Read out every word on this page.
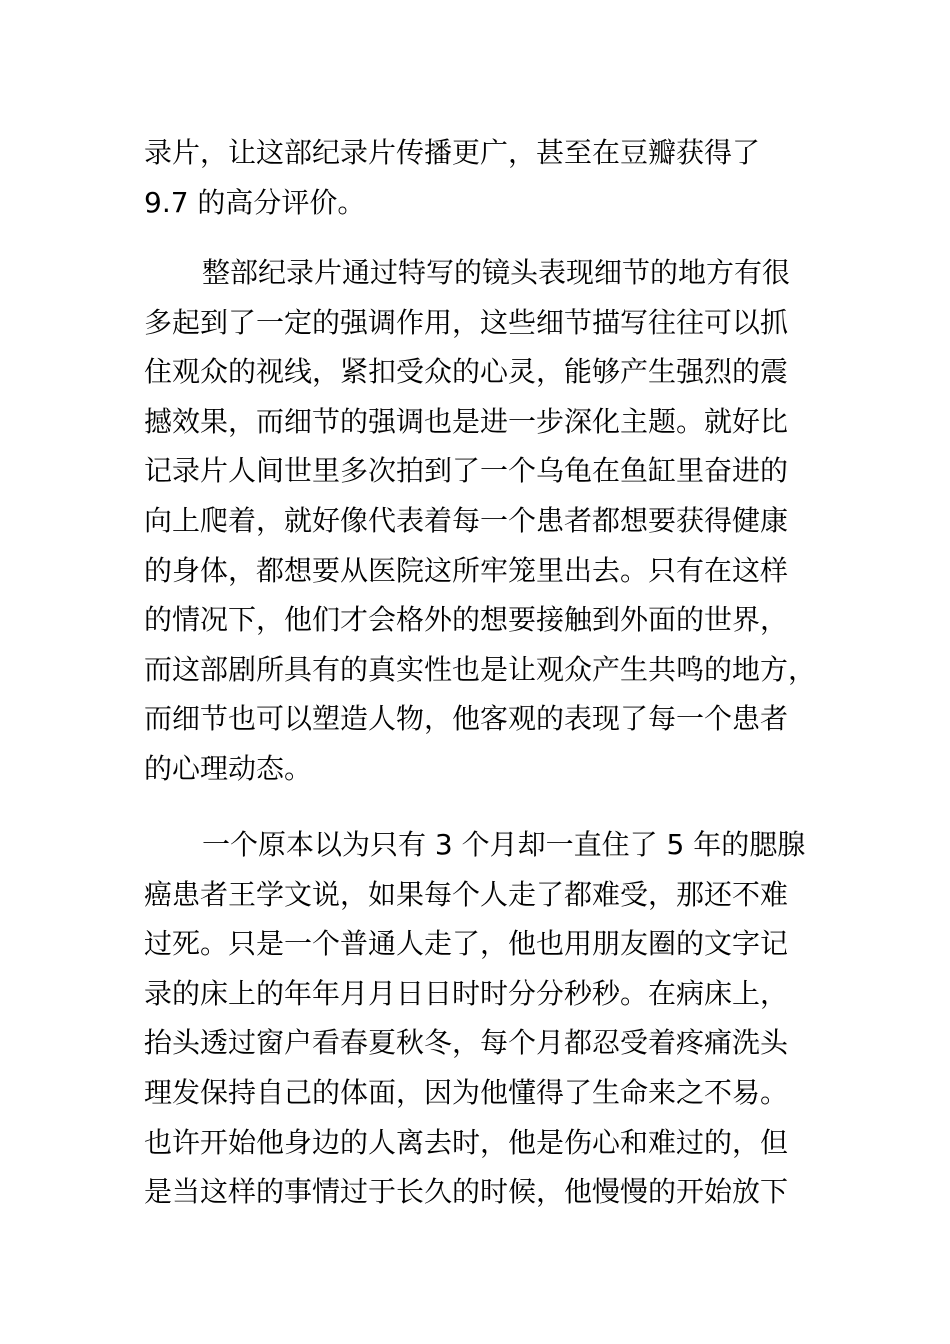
录片，让这部纪录片传播更广，甚至在豆瓣获得了
9.7 的高分评价。
整部纪录片通过特写的镜头表现细节的地方有很
多起到了一定的强调作用，这些细节描写往往可以抓
住观众的视线，紧扣受众的心灵，能够产生强烈的震
撼效果，而细节的强调也是进一步深化主题。就好比
记录片人间世里多次拍到了一个乌龟在鱼缸里奋进的
向上爬着，就好像代表着每一个患者都想要获得健康
的身体，都想要从医院这所牢笼里出去。只有在这样
的情况下，他们才会格外的想要接触到外面的世界，
而这部剧所具有的真实性也是让观众产生共鸣的地方，
而细节也可以塑造人物，他客观的表现了每一个患者
的心理动态。
一个原本以为只有 3 个月却一直住了 5 年的腮腺
癌患者王学文说，如果每个人走了都难受，那还不难
过死。只是一个普通人走了，他也用朋友圈的文字记
录的床上的年年月月日日时时分分秒秒。在病床上，
抬头透过窗户看春夏秋冬，每个月都忍受着疼痛洗头
理发保持自己的体面，因为他懂得了生命来之不易。
也许开始他身边的人离去时，他是伤心和难过的，但
是当这样的事情过于长久的时候，他慢慢的开始放下
